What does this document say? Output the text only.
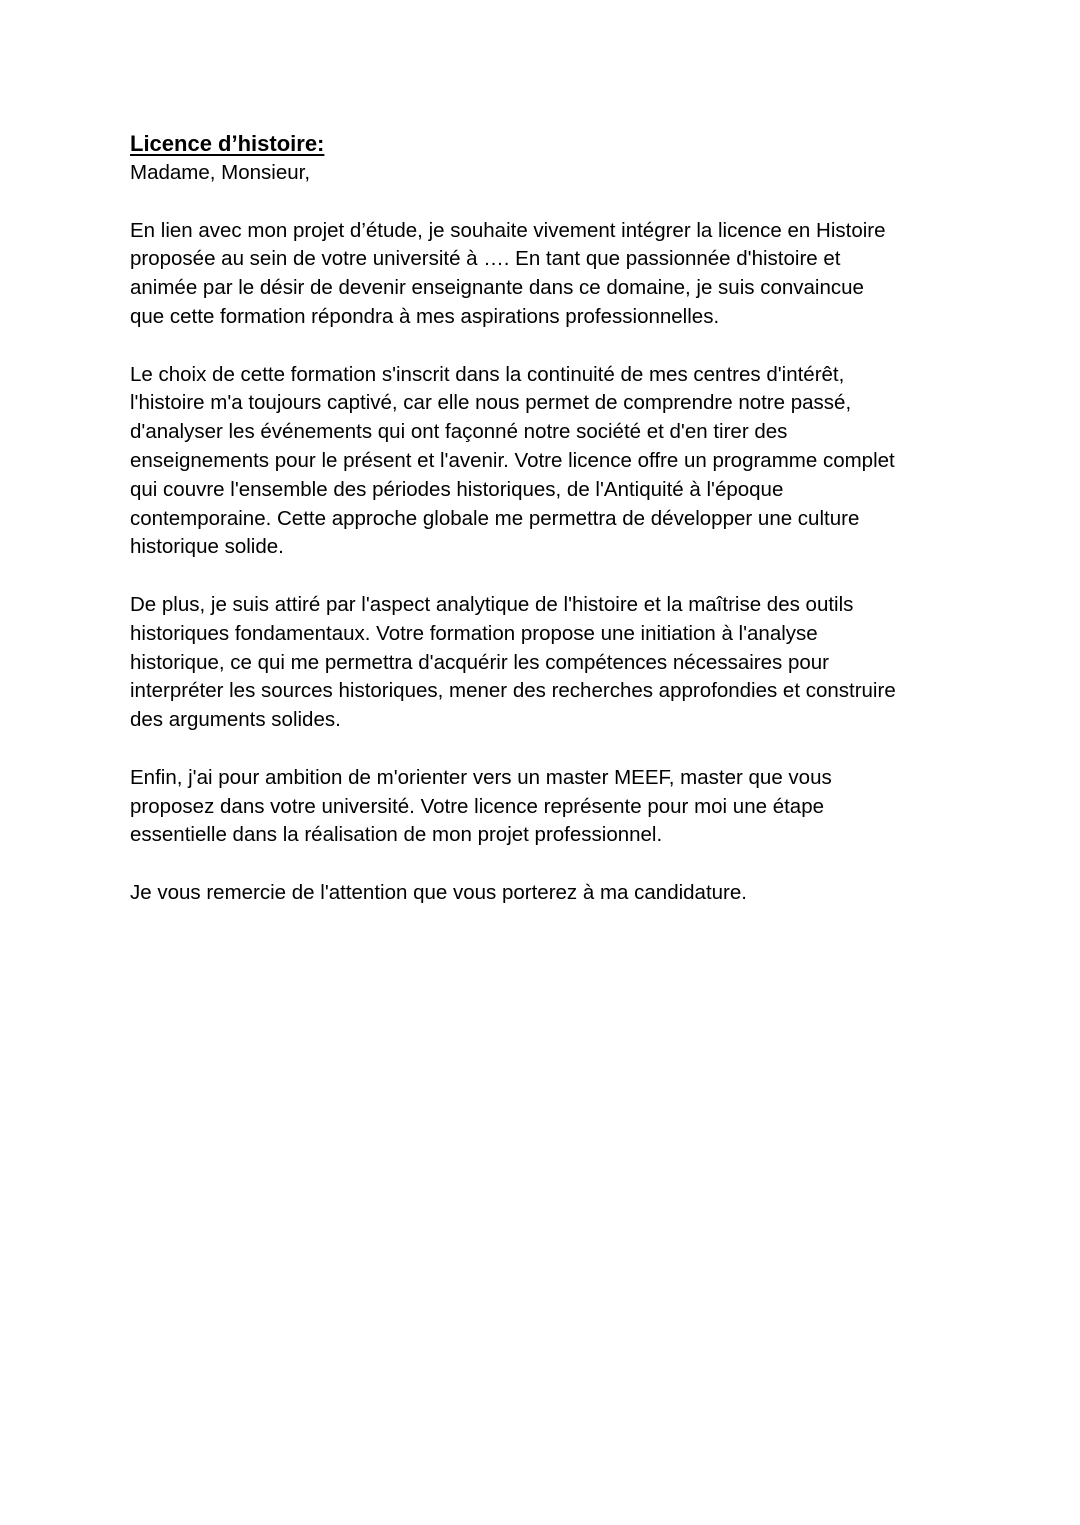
Licence d’histoire:

Madame, Monsieur,

En lien avec mon projet d’étude, je souhaite vivement intégrer la licence en Histoire
proposée au sein de votre université à …. En tant que passionnée d'histoire et
animée par le désir de devenir enseignante dans ce domaine, je suis convaincue
que cette formation répondra à mes aspirations professionnelles.

Le choix de cette formation s'inscrit dans la continuité de mes centres d'intérêt,
l'histoire m'a toujours captivé, car elle nous permet de comprendre notre passé,
d'analyser les événements qui ont façonné notre société et d'en tirer des
enseignements pour le présent et l'avenir. Votre licence offre un programme complet
qui couvre l'ensemble des périodes historiques, de l'Antiquité à l'époque
contemporaine. Cette approche globale me permettra de développer une culture
historique solide.

De plus, je suis attiré par l'aspect analytique de l'histoire et la maîtrise des outils
historiques fondamentaux. Votre formation propose une initiation à l'analyse
historique, ce qui me permettra d'acquérir les compétences nécessaires pour
interpréter les sources historiques, mener des recherches approfondies et construire
des arguments solides.

Enfin, j'ai pour ambition de m'orienter vers un master MEEF, master que vous
proposez dans votre université. Votre licence représente pour moi une étape
essentielle dans la réalisation de mon projet professionnel.

Je vous remercie de l'attention que vous porterez à ma candidature.
